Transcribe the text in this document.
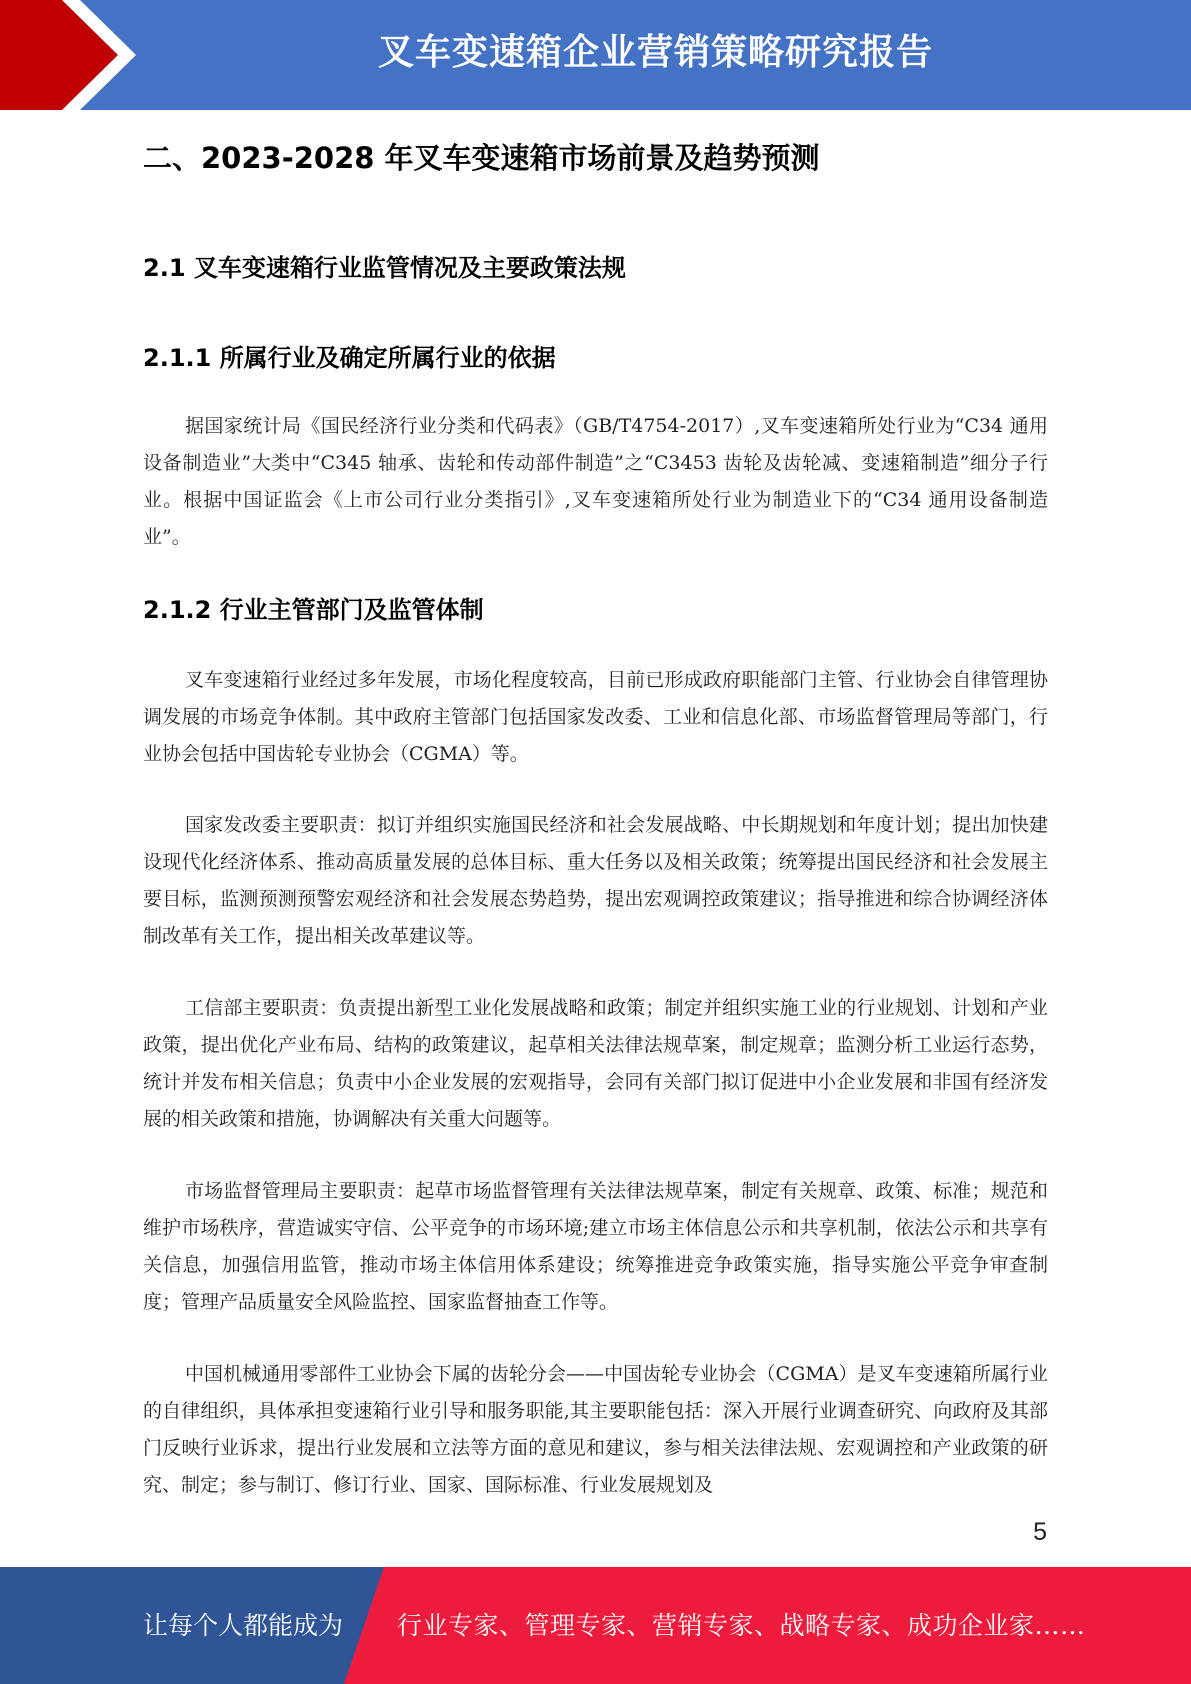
叉车变速箱企业营销策略研究报告
二、2023-2028 年叉车变速箱市场前景及趋势预测
2.1 叉车变速箱行业监管情况及主要政策法规
2.1.1 所属行业及确定所属行业的依据

据国家统计局《国民经济行业分类和代码表》（GB/T4754-2017）,叉车变速箱所处行业为“C34 通用设备制造业”大类中“C345 轴承、齿轮和传动部件制造”之“C3453 齿轮及齿轮减、变速箱制造”细分子行业。根据中国证监会《上市公司行业分类指引》,叉车变速箱所处行业为制造业下的“C34 通用设备制造业”。

2.1.2 行业主管部门及监管体制

叉车变速箱行业经过多年发展，市场化程度较高，目前已形成政府职能部门主管、行业协会自律管理协调发展的市场竞争体制。其中政府主管部门包括国家发改委、工业和信息化部、市场监督管理局等部门，行业协会包括中国齿轮专业协会（CGMA）等。

国家发改委主要职责：拟订并组织实施国民经济和社会发展战略、中长期规划和年度计划；提出加快建设现代化经济体系、推动高质量发展的总体目标、重大任务以及相关政策；统筹提出国民经济和社会发展主要目标，监测预测预警宏观经济和社会发展态势趋势，提出宏观调控政策建议；指导推进和综合协调经济体制改革有关工作，提出相关改革建议等。

工信部主要职责：负责提出新型工业化发展战略和政策；制定并组织实施工业的行业规划、计划和产业政策，提出优化产业布局、结构的政策建议，起草相关法律法规草案，制定规章；监测分析工业运行态势，统计并发布相关信息；负责中小企业发展的宏观指导，会同有关部门拟订促进中小企业发展和非国有经济发展的相关政策和措施，协调解决有关重大问题等。

市场监督管理局主要职责：起草市场监督管理有关法律法规草案，制定有关规章、政策、标准；规范和维护市场秩序，营造诚实守信、公平竞争的市场环境;建立市场主体信息公示和共享机制，依法公示和共享有关信息，加强信用监管，推动市场主体信用体系建设；统筹推进竞争政策实施，指导实施公平竞争审查制度；管理产品质量安全风险监控、国家监督抽查工作等。

中国机械通用零部件工业协会下属的齿轮分会——中国齿轮专业协会（CGMA）是叉车变速箱所属行业的自律组织，具体承担变速箱行业引导和服务职能,其主要职能包括：深入开展行业调查研究、向政府及其部门反映行业诉求，提出行业发展和立法等方面的意见和建议，参与相关法律法规、宏观调控和产业政策的研究、制定；参与制订、修订行业、国家、国际标准、行业发展规划及

5
让每个人都能成为 行业专家、管理专家、营销专家、战略专家、成功企业家……
